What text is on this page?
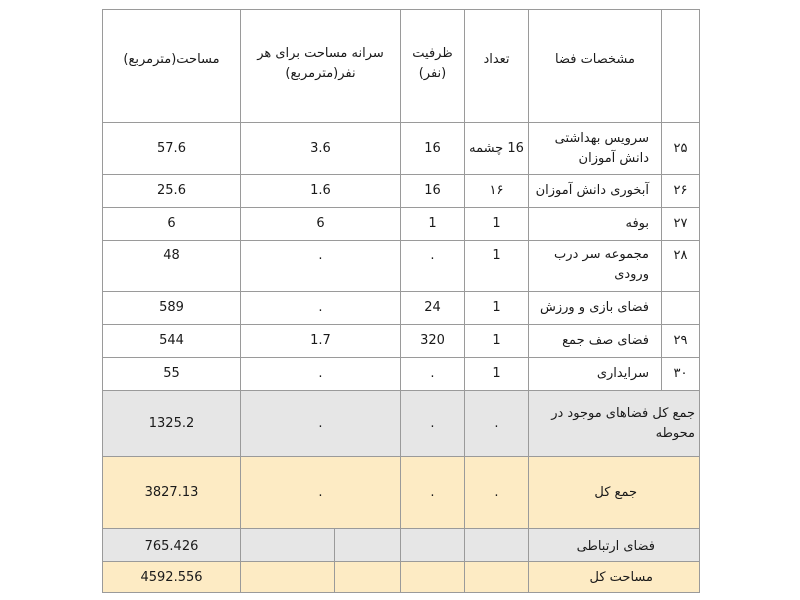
مساحت(مترمربع)	سرانه مساحت برای هر نفر(مترمربع)		ظرفیت (نفر)	تعداد	مشخصات فضا	
57.6	3.6		16	16 چشمه	سرویس بهداشتی دانش آموزان	۲۵
25.6	1.6		16	۱۶	آبخوری دانش آموزان	۲۶
6	6		1	1	بوفه	۲۷
48	.		.	1	مجموعه سر درب ورودی	۲۸
589	.		24	1	فضای بازی و ورزش	
544	1.7		320	1	فضای صف جمع	۲۹
55	.		.	1	سرایداری	۳۰
1325.2	.		.	.	جمع کل فضاهای موجود در محوطه	
3827.13	.		.	.	جمع کل	
765.426					فضای ارتباطی	
4592.556					مساحت کل	
